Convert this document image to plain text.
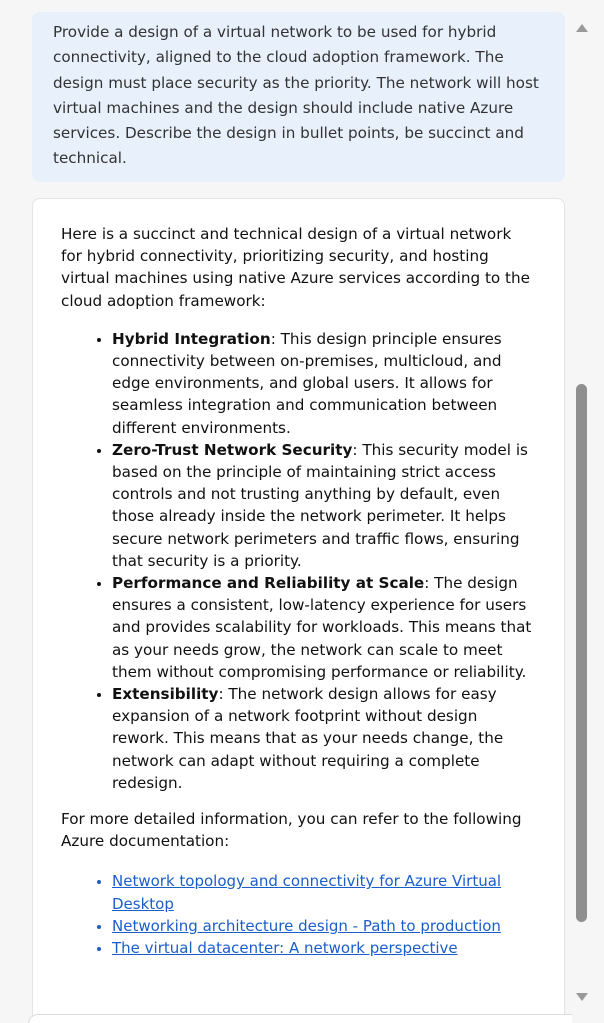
Provide a design of a virtual network to be used for hybrid connectivity, aligned to the cloud adoption framework. The design must place security as the priority. The network will host virtual machines and the design should include native Azure services. Describe the design in bullet points, be succinct and technical.

Here is a succinct and technical design of a virtual network for hybrid connectivity, prioritizing security, and hosting virtual machines using native Azure services according to the cloud adoption framework:

• Hybrid Integration: This design principle ensures connectivity between on-premises, multicloud, and edge environments, and global users. It allows for seamless integration and communication between different environments.
• Zero-Trust Network Security: This security model is based on the principle of maintaining strict access controls and not trusting anything by default, even those already inside the network perimeter. It helps secure network perimeters and traffic flows, ensuring that security is a priority.
• Performance and Reliability at Scale: The design ensures a consistent, low-latency experience for users and provides scalability for workloads. This means that as your needs grow, the network can scale to meet them without compromising performance or reliability.
• Extensibility: The network design allows for easy expansion of a network footprint without design rework. This means that as your needs change, the network can adapt without requiring a complete redesign.

For more detailed information, you can refer to the following Azure documentation:

• Network topology and connectivity for Azure Virtual Desktop
• Networking architecture design - Path to production
• The virtual datacenter: A network perspective
